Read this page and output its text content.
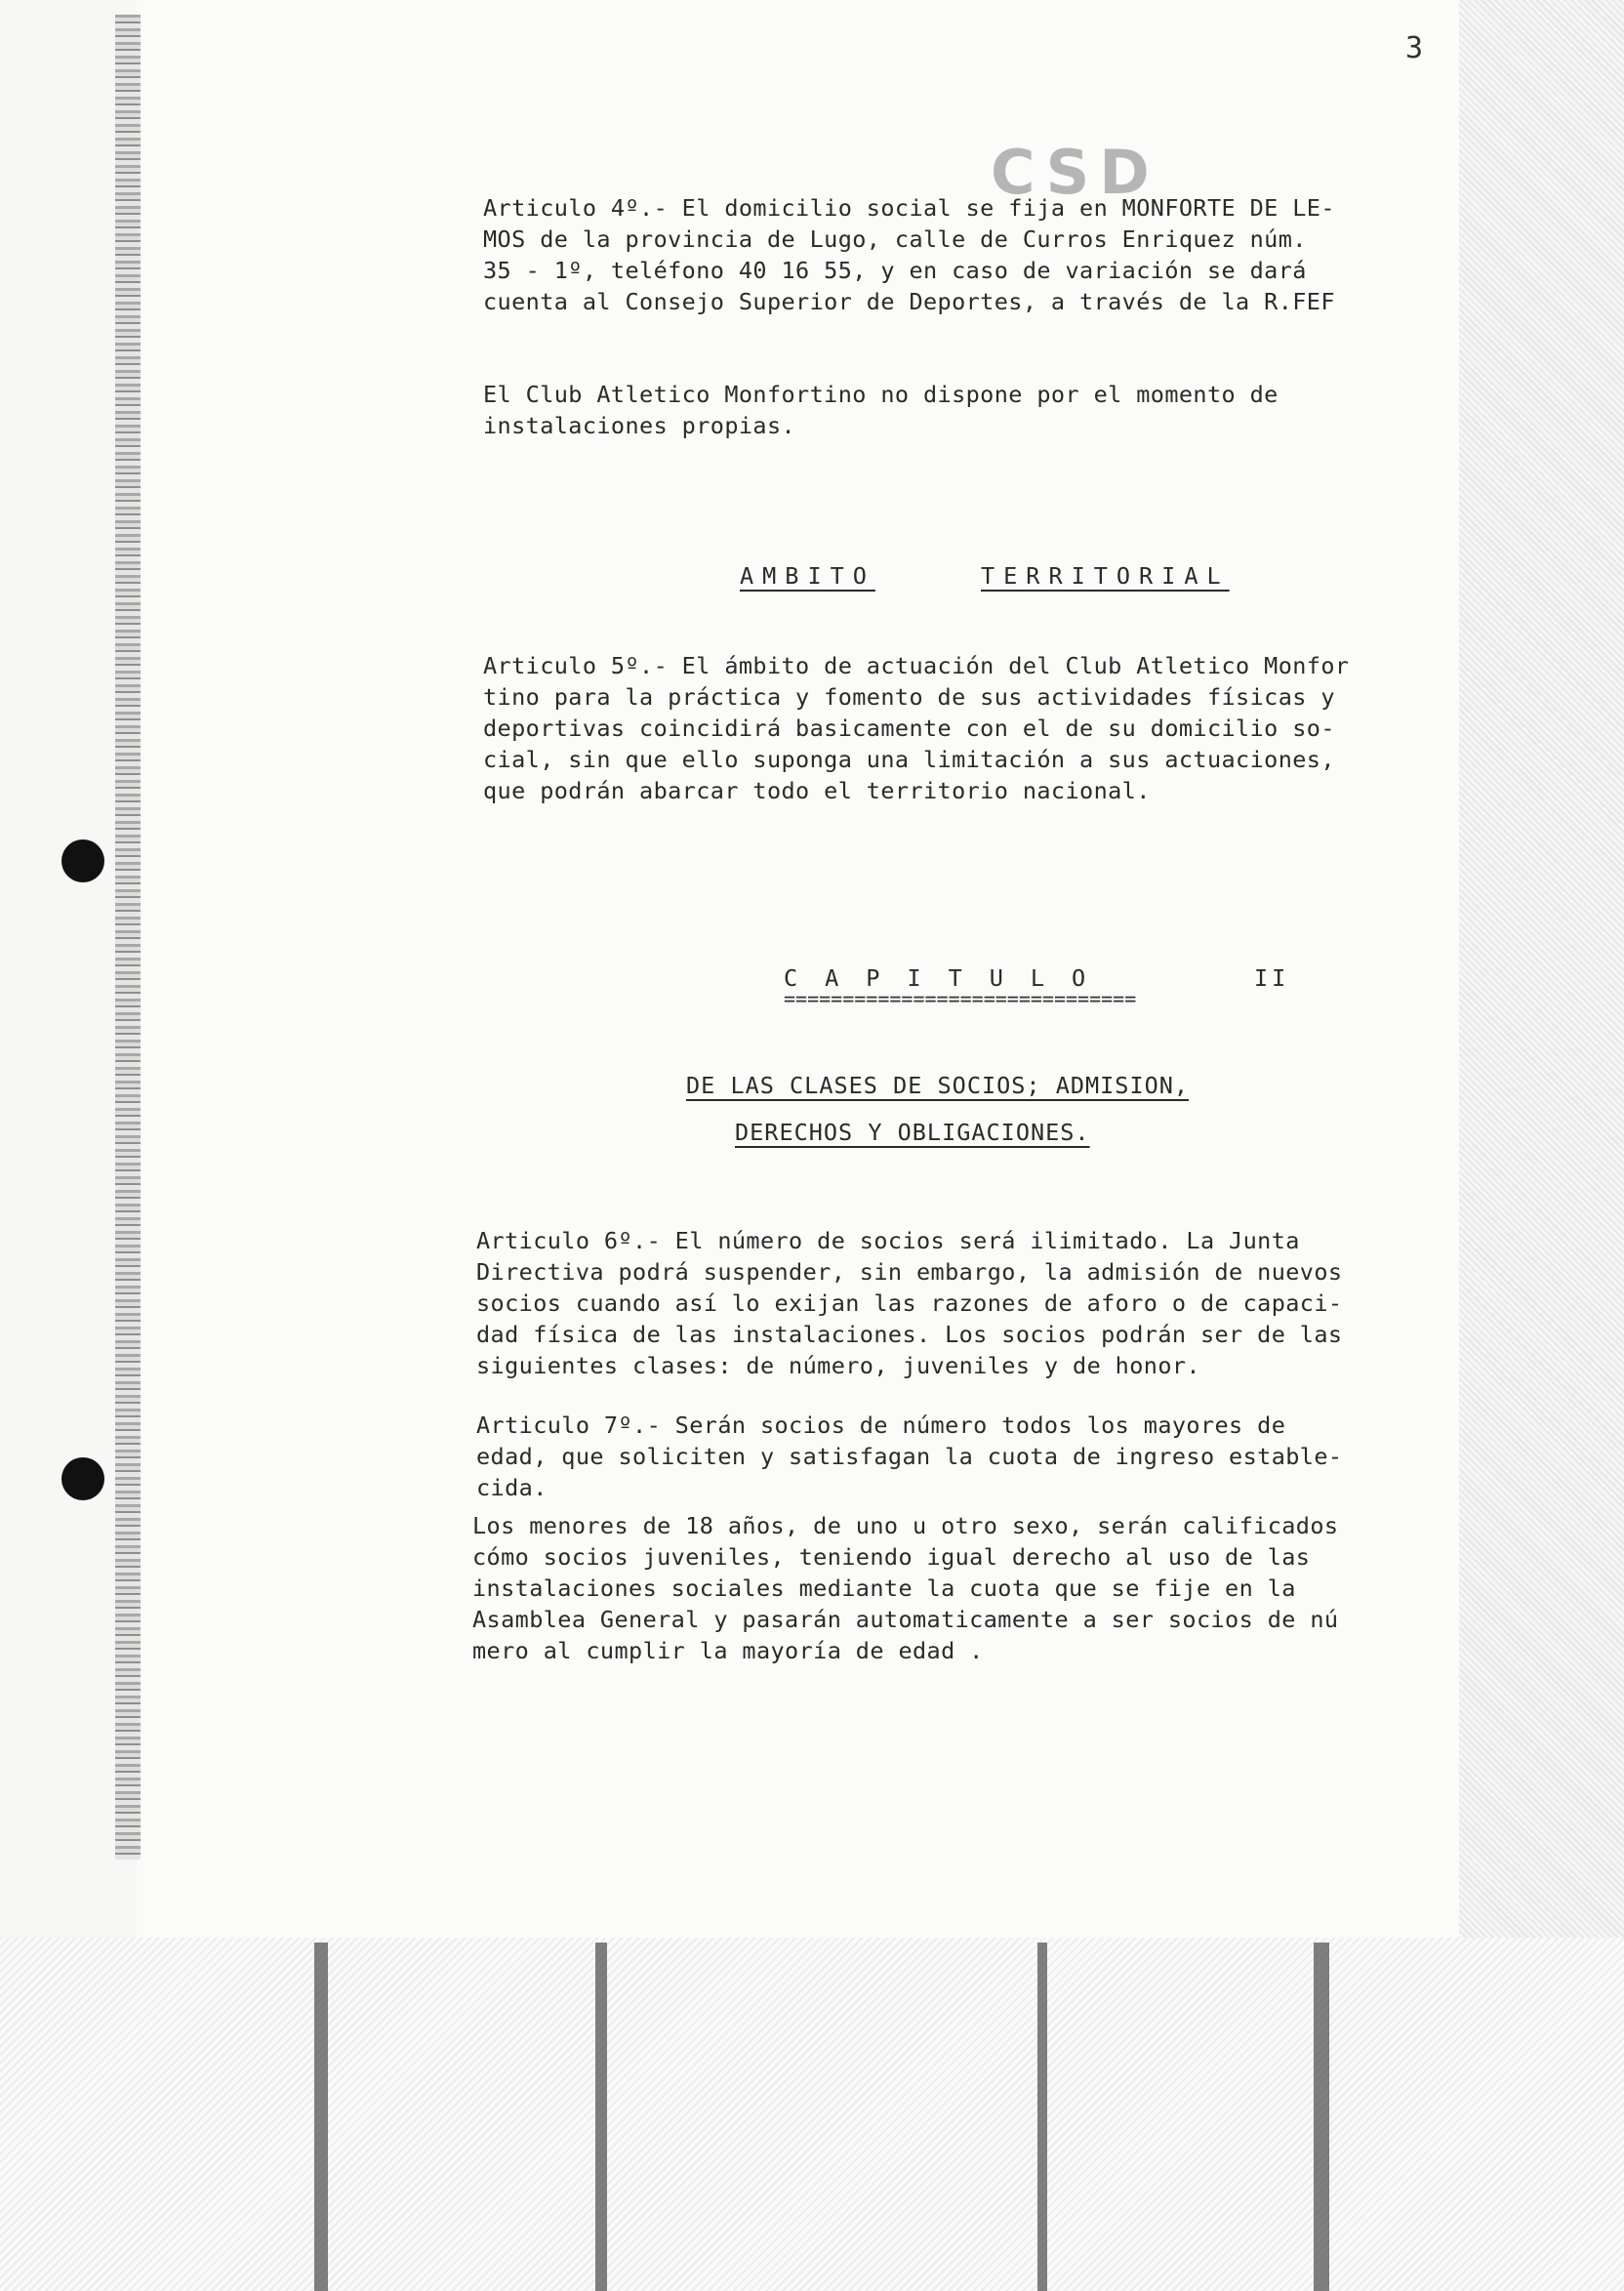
3
CSD
Articulo 4º.- El domicilio social se fija en MONFORTE DE LE-
MOS de la provincia de Lugo, calle de Curros Enriquez núm.
35 - 1º, teléfono 40 16 55, y en caso de variación se dará
cuenta al Consejo Superior de Deportes, a través de la R.FEF
El Club Atletico Monfortino no dispone por el momento de
instalaciones propias.
AMBITO	TERRITORIAL
Articulo 5º.- El ámbito de actuación del Club Atletico Monfor
tino para la práctica y fomento de sus actividades físicas y
deportivas coincidirá basicamente con el de su domicilio so-
cial, sin que ello suponga una limitación a sus actuaciones,
que podrán abarcar todo el territorio nacional.
CAPITULO	II
==============================
DE LAS CLASES DE SOCIOS; ADMISION,
DERECHOS Y OBLIGACIONES.
Articulo 6º.- El número de socios será ilimitado. La Junta
Directiva podrá suspender, sin embargo, la admisión de nuevos
socios cuando así lo exijan las razones de aforo o de capaci-
dad física de las instalaciones. Los socios podrán ser de las
siguientes clases: de número, juveniles y de honor.
Articulo 7º.- Serán socios de número todos los mayores de
edad, que soliciten y satisfagan la cuota de ingreso estable-
cida.
Los menores de 18 años, de uno u otro sexo, serán calificados
cómo socios juveniles, teniendo igual derecho al uso de las
instalaciones sociales mediante la cuota que se fije en la
Asamblea General y pasarán automaticamente a ser socios de nú
mero al cumplir la mayoría de edad .
